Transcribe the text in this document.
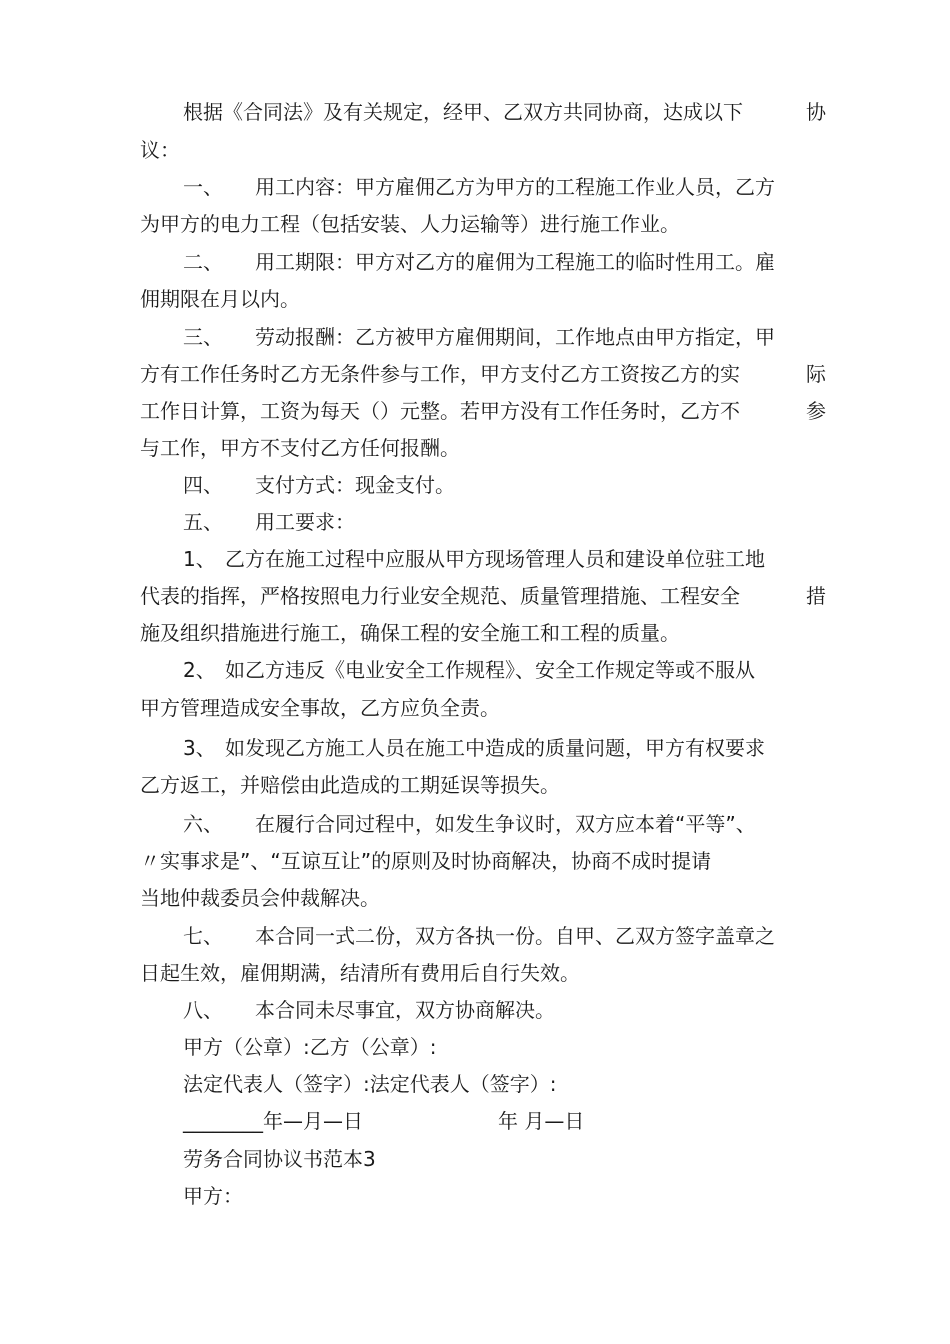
根据《合同法》及有关规定，经甲、乙双方共同协商，达成以下	协
议：
一、 用工内容：甲方雇佣乙方为甲方的工程施工作业人员，乙方
为甲方的电力工程（包括安装、人力运输等）进行施工作业。
二、 用工期限：甲方对乙方的雇佣为工程施工的临时性用工。雇
佣期限在月以内。
三、 劳动报酬：乙方被甲方雇佣期间，工作地点由甲方指定，甲
方有工作任务时乙方无条件参与工作，甲方支付乙方工资按乙方的实	际
工作日计算，工资为每天（）元整。若甲方没有工作任务时，乙方不	参
与工作，甲方不支付乙方任何报酬。
四、 支付方式：现金支付。
五、 用工要求：
1、 乙方在施工过程中应服从甲方现场管理人员和建设单位驻工地
代表的指挥，严格按照电力行业安全规范、质量管理措施、工程安全	措
施及组织措施进行施工，确保工程的安全施工和工程的质量。
2、 如乙方违反《电业安全工作规程》、安全工作规定等或不服从
甲方管理造成安全事故，乙方应负全责。
3、 如发现乙方施工人员在施工中造成的质量问题，甲方有权要求
乙方返工，并赔偿由此造成的工期延误等损失。
六、 在履行合同过程中，如发生争议时，双方应本着“平等”、
〃实事求是”、“互谅互让”的原则及时协商解决，协商不成时提请
当地仲裁委员会仲裁解决。
七、 本合同一式二份，双方各执一份。自甲、乙双方签字盖章之
日起生效，雇佣期满，结清所有费用后自行失效。
八、 本合同未尽事宜，双方协商解决。
甲方（公章）:乙方（公章）:
法定代表人（签字）:法定代表人（签字）:
________年—月—日	年 月—日
劳务合同协议书范本3
甲方：
